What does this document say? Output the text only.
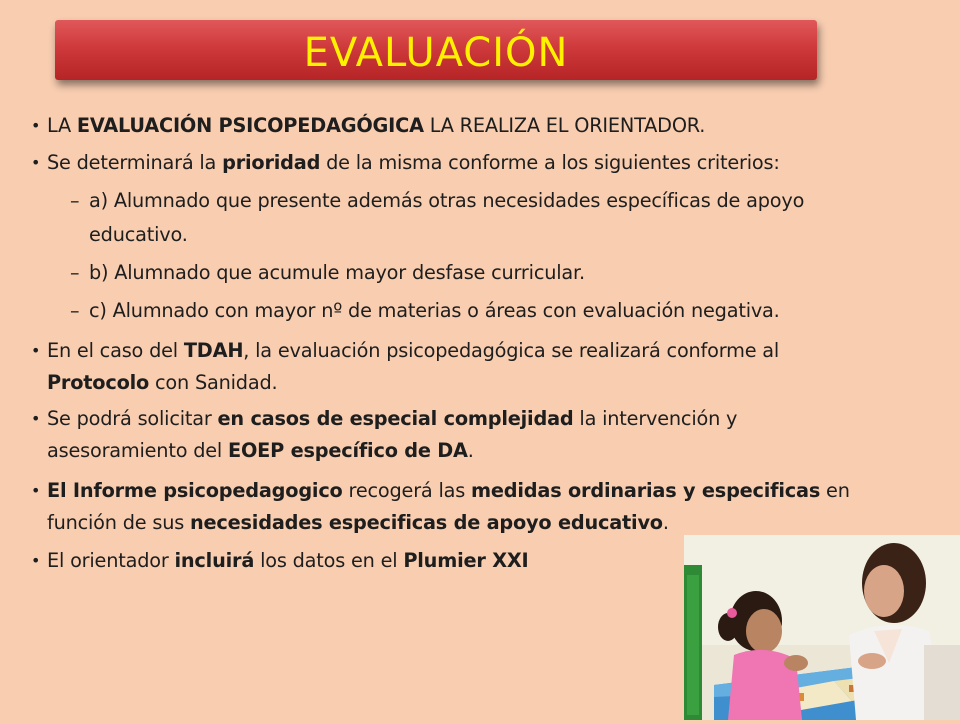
EVALUACIÓN
• LA EVALUACIÓN PSICOPEDAGÓGICA LA REALIZA EL ORIENTADOR.
• Se determinará la prioridad de la misma conforme a los siguientes criterios:
– a) Alumnado que presente además otras necesidades específicas de apoyo
educativo.
– b) Alumnado que acumule mayor desfase curricular.
– c) Alumnado con mayor nº de materias o áreas con evaluación negativa.
• En el caso del TDAH, la evaluación psicopedagógica se realizará conforme al
Protocolo con Sanidad.
• Se podrá solicitar en casos de especial complejidad la intervención y
asesoramiento del EOEP específico de DA.
• El Informe psicopedagogico recogerá las medidas ordinarias y especificas en
función de sus necesidades especificas de apoyo educativo.
• El orientador incluirá los datos en el Plumier XXI
